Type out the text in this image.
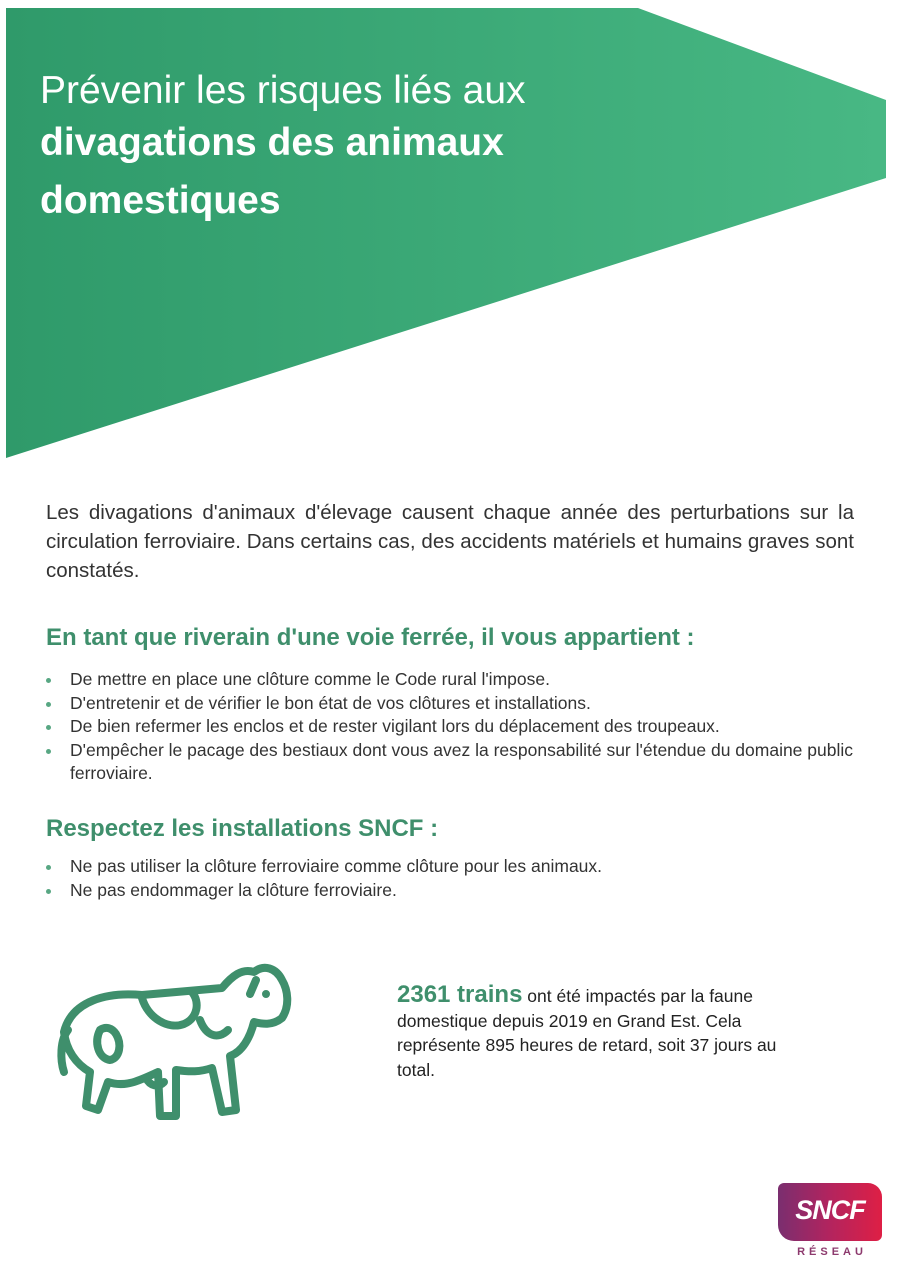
Prévenir les risques liés aux
divagations des animaux
domestiques

Les divagations d'animaux d'élevage causent chaque année des perturbations sur la circulation ferroviaire. Dans certains cas, des accidents matériels et humains graves sont constatés.

En tant que riverain d'une voie ferrée, il vous appartient :
De mettre en place une clôture comme le Code rural l'impose.
D'entretenir et de vérifier le bon état de vos clôtures et installations.
De bien refermer les enclos et de rester vigilant lors du déplacement des troupeaux.
D'empêcher le pacage des bestiaux dont vous avez la responsabilité sur l'étendue du domaine public ferroviaire.
Respectez les installations SNCF :
Ne pas utiliser la clôture ferroviaire comme clôture pour les animaux.
Ne pas endommager la clôture ferroviaire.

2361 trains ont été impactés par la faune domestique depuis 2019 en Grand Est. Cela représente 895 heures de retard, soit 37 jours au total.

SNCF
RÉSEAU
